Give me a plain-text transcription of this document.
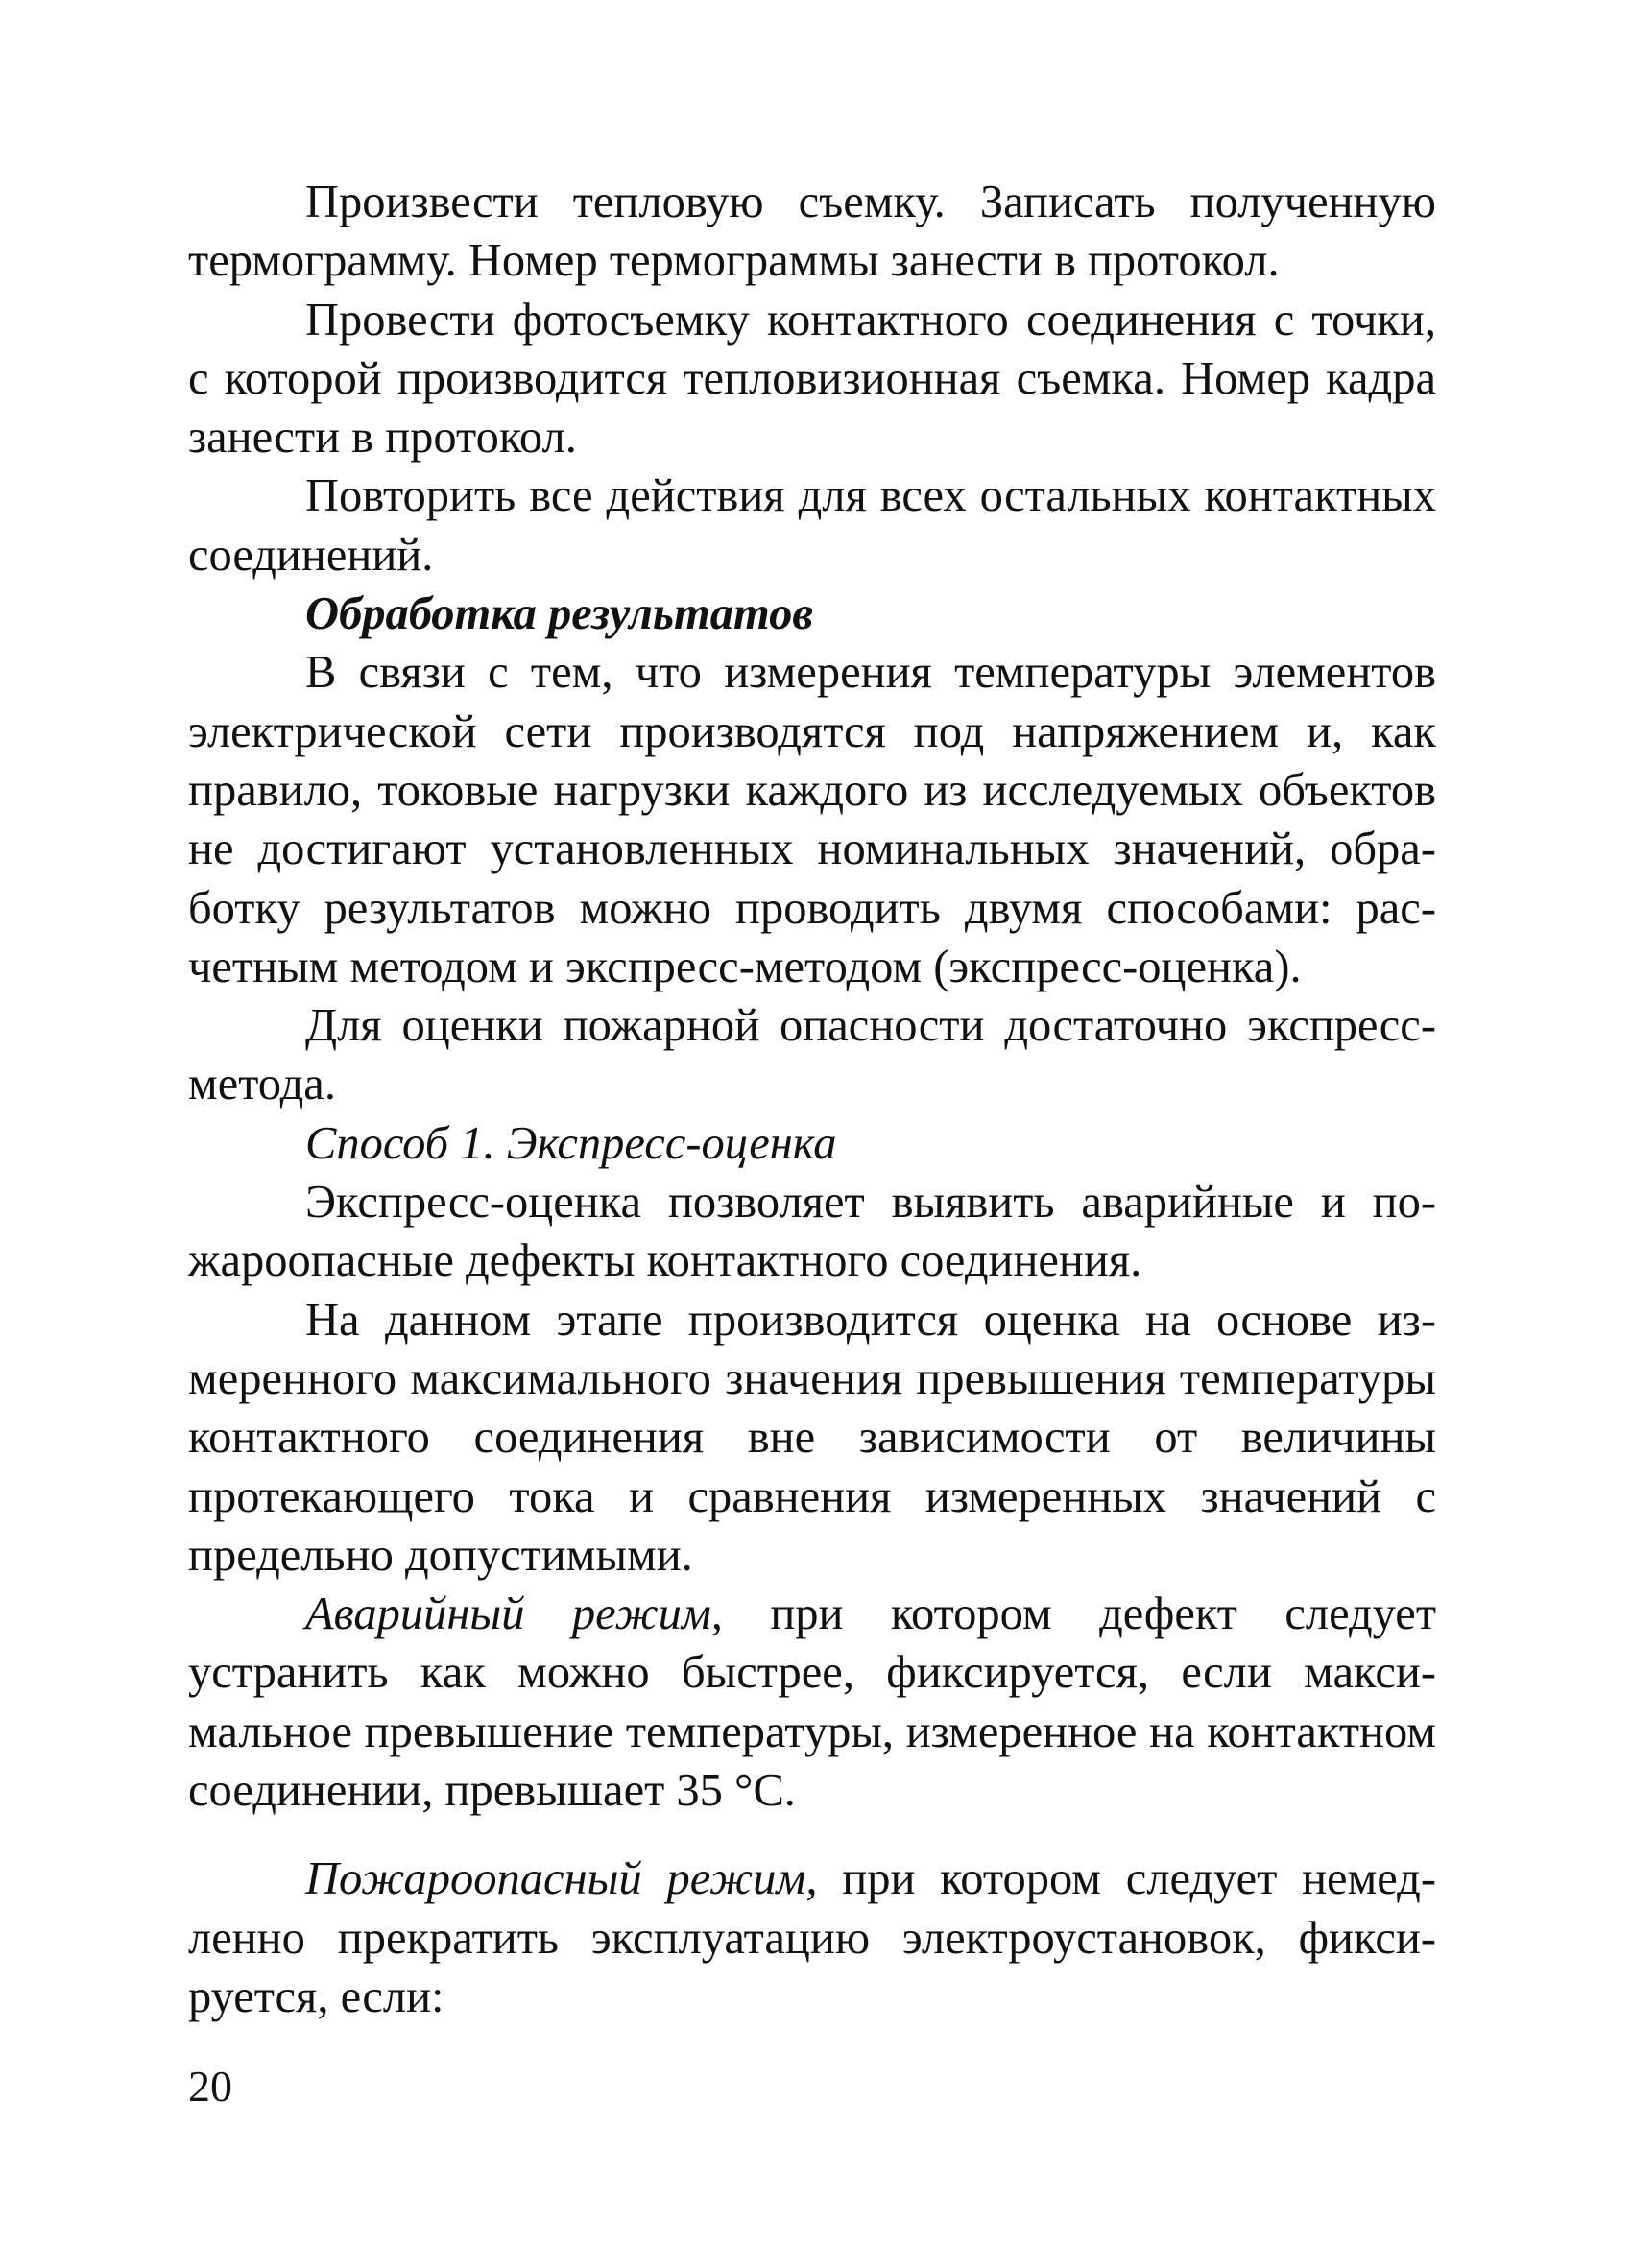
Произвести тепловую съемку. Записать полученную термограмму. Номер термограммы занести в протокол.

Провести фотосъемку контактного соединения с точки, с которой производится тепловизионная съемка. Номер кадра занести в протокол.

Повторить все действия для всех остальных контактных соединений.

Обработка результатов

В связи с тем, что измерения температуры элементов электрической сети производятся под напряжением и, как правило, токовые нагрузки каждого из исследуемых объектов не достигают установленных номинальных значений, обработку результатов можно проводить двумя способами: расчетным методом и экспресс-методом (экспресс-оценка).

Для оценки пожарной опасности достаточно экспресс-метода.

Способ 1. Экспресс-оценка

Экспресс-оценка позволяет выявить аварийные и пожароопасные дефекты контактного соединения.

На данном этапе производится оценка на основе измеренного максимального значения превышения температуры контактного соединения вне зависимости от величины протекающего тока и сравнения измеренных значений с предельно допустимыми.

Аварийный режим, при котором дефект следует устранить как можно быстрее, фиксируется, если максимальное превышение температуры, измеренное на контактном соединении, превышает 35 °С.

Пожароопасный режим, при котором следует немедленно прекратить эксплуатацию электроустановок, фиксируется, если:

20
